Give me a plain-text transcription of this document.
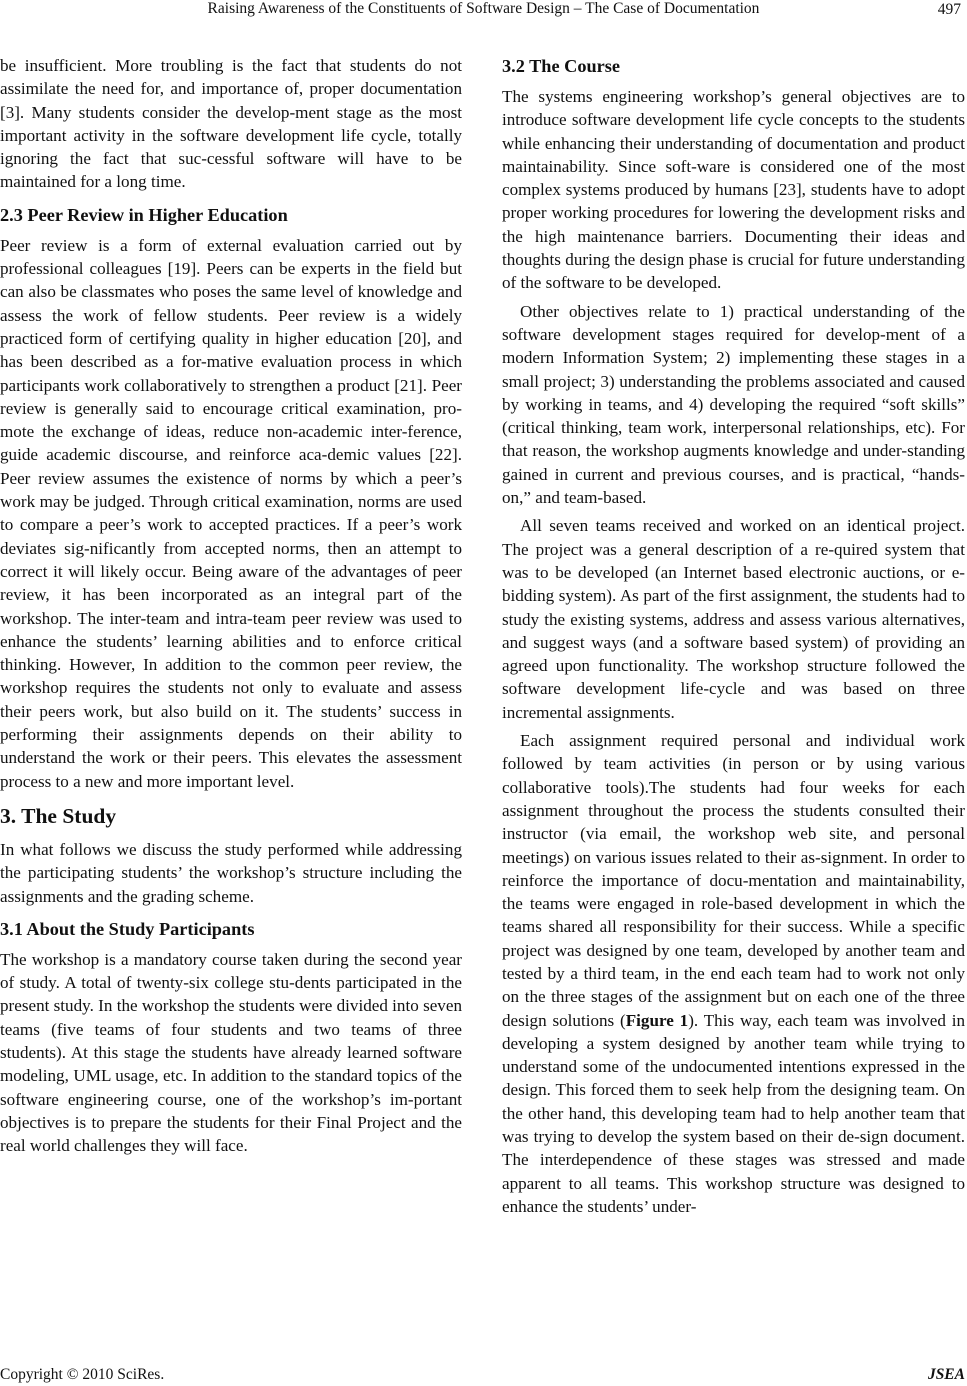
Raising Awareness of the Constituents of Software Design – The Case of Documentation	497

be insufficient. More troubling is the fact that students do not assimilate the need for, and importance of, proper documentation [3]. Many students consider the develop-ment stage as the most important activity in the software development life cycle, totally ignoring the fact that suc-cessful software will have to be maintained for a long time.

2.3 Peer Review in Higher Education

Peer review is a form of external evaluation carried out by professional colleagues [19]. Peers can be experts in the field but can also be classmates who poses the same level of knowledge and assess the work of fellow students. Peer review is a widely practiced form of certifying quality in higher education [20], and has been described as a for-mative evaluation process in which participants work collaboratively to strengthen a product [21]. Peer review is generally said to encourage critical examination, pro-mote the exchange of ideas, reduce non-academic inter-ference, guide academic discourse, and reinforce aca-demic values [22]. Peer review assumes the existence of norms by which a peer’s work may be judged. Through critical examination, norms are used to compare a peer’s work to accepted practices. If a peer’s work deviates sig-nificantly from accepted norms, then an attempt to correct it will likely occur. Being aware of the advantages of peer review, it has been incorporated as an integral part of the workshop. The inter-team and intra-team peer review was used to enhance the students’ learning abilities and to enforce critical thinking. However, In addition to the common peer review, the workshop requires the students not only to evaluate and assess their peers work, but also build on it. The students’ success in performing their assignments depends on their ability to understand the work or their peers. This elevates the assessment process to a new and more important level.

3. The Study

In what follows we discuss the study performed while addressing the participating students’ the workshop’s structure including the assignments and the grading scheme.

3.1 About the Study Participants

The workshop is a mandatory course taken during the second year of study. A total of twenty-six college stu-dents participated in the present study. In the workshop the students were divided into seven teams (five teams of four students and two teams of three students). At this stage the students have already learned software modeling, UML usage, etc. In addition to the standard topics of the software engineering course, one of the workshop’s im-portant objectives is to prepare the students for their Final Project and the real world challenges they will face.

3.2 The Course

The systems engineering workshop’s general objectives are to introduce software development life cycle concepts to the students while enhancing their understanding of documentation and product maintainability. Since soft-ware is considered one of the most complex systems produced by humans [23], students have to adopt proper working procedures for lowering the development risks and the high maintenance barriers. Documenting their ideas and thoughts during the design phase is crucial for future understanding of the software to be developed.

Other objectives relate to 1) practical understanding of the software development stages required for develop-ment of a modern Information System; 2) implementing these stages in a small project; 3) understanding the problems associated and caused by working in teams, and 4) developing the required “soft skills” (critical thinking, team work, interpersonal relationships, etc). For that reason, the workshop augments knowledge and under-standing gained in current and previous courses, and is practical, “hands-on,” and team-based.

All seven teams received and worked on an identical project. The project was a general description of a re-quired system that was to be developed (an Internet based electronic auctions, or e-bidding system). As part of the first assignment, the students had to study the existing systems, address and assess various alternatives, and suggest ways (and a software based system) of providing an agreed upon functionality. The workshop structure followed the software development life-cycle and was based on three incremental assignments.

Each assignment required personal and individual work followed by team activities (in person or by using various collaborative tools).The students had four weeks for each assignment throughout the process the students consulted their instructor (via email, the workshop web site, and personal meetings) on various issues related to their as-signment. In order to reinforce the importance of docu-mentation and maintainability, the teams were engaged in role-based development in which the teams shared all responsibility for their success. While a specific project was designed by one team, developed by another team and tested by a third team, in the end each team had to work not only on the three stages of the assignment but on each one of the three design solutions (Figure 1). This way, each team was involved in developing a system designed by another team while trying to understand some of the undocumented intentions expressed in the design. This forced them to seek help from the designing team. On the other hand, this developing team had to help another team that was trying to develop the system based on their de-sign document. The interdependence of these stages was stressed and made apparent to all teams. This workshop structure was designed to enhance the students’ under-

Copyright © 2010 SciRes.	JSEA
